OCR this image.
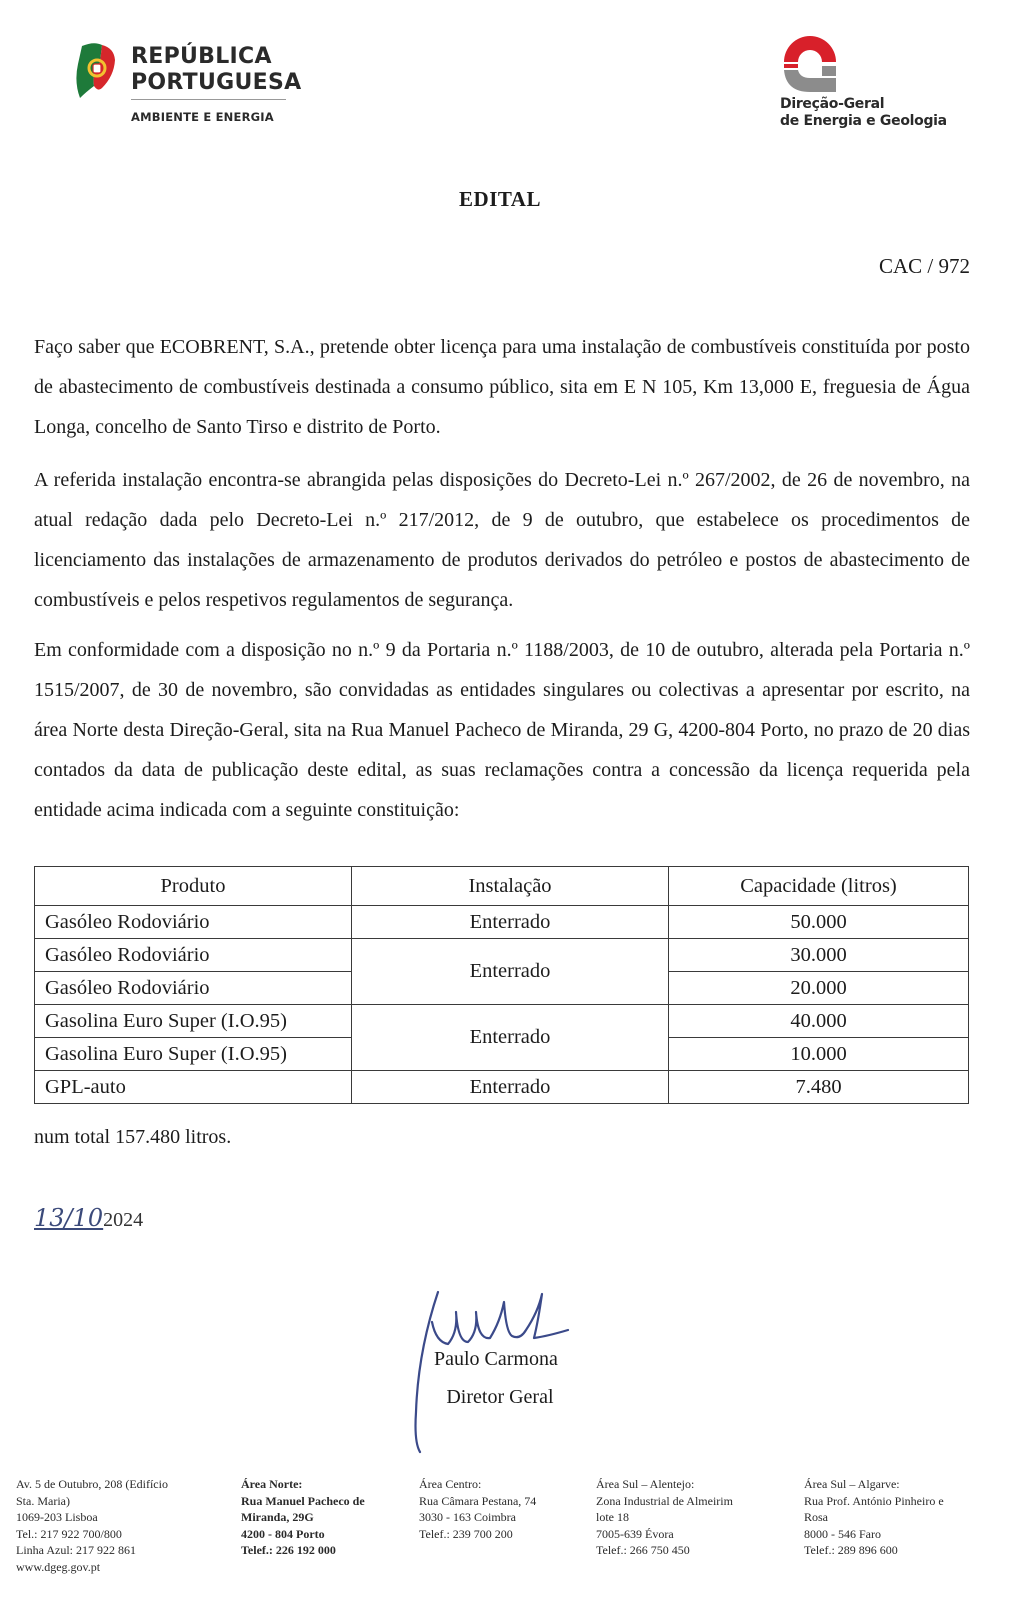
REPÚBLICA
PORTUGUESA
AMBIENTE E ENERGIA
Direção-Geral
de Energia e Geologia
EDITAL
CAC / 972
Faço saber que ECOBRENT, S.A., pretende obter licença para uma instalação de combustíveis constituída por posto de abastecimento de combustíveis destinada a consumo público, sita em E N 105, Km 13,000 E, freguesia de Água Longa, concelho de Santo Tirso e distrito de Porto.
A referida instalação encontra-se abrangida pelas disposições do Decreto-Lei n.º 267/2002, de 26 de novembro, na atual redação dada pelo Decreto-Lei n.º 217/2012, de 9 de outubro, que estabelece os procedimentos de licenciamento das instalações de armazenamento de produtos derivados do petróleo e postos de abastecimento de combustíveis e pelos respetivos regulamentos de segurança.
Em conformidade com a disposição no n.º 9 da Portaria n.º 1188/2003, de 10 de outubro, alterada pela Portaria n.º 1515/2007, de 30 de novembro, são convidadas as entidades singulares ou colectivas a apresentar por escrito, na área Norte desta Direção-Geral, sita na Rua Manuel Pacheco de Miranda, 29 G, 4200-804 Porto, no prazo de 20 dias contados da data de publicação deste edital, as suas reclamações contra a concessão da licença requerida pela entidade acima indicada com a seguinte constituição:
Produto	Instalação	Capacidade (litros)
Gasóleo Rodoviário	Enterrado	50.000
Gasóleo Rodoviário	Enterrado	30.000
Gasóleo Rodoviário		20.000
Gasolina Euro Super (I.O.95)	Enterrado	40.000
Gasolina Euro Super (I.O.95)		10.000
GPL-auto	Enterrado	7.480
num total 157.480 litros.
13/102024
Paulo Carmona
Diretor Geral
Av. 5 de Outubro, 208 (Edifício
Sta. Maria)
1069-203 Lisboa
Tel.: 217 922 700/800
Linha Azul: 217 922 861
www.dgeg.gov.pt
Área Norte:
Rua Manuel Pacheco de
Miranda, 29G
4200 - 804 Porto
Telef.: 226 192 000
Área Centro:
Rua Câmara Pestana, 74
3030 - 163 Coimbra
Telef.: 239 700 200
Área Sul – Alentejo:
Zona Industrial de Almeirim
lote 18
7005-639 Évora
Telef.: 266 750 450
Área Sul – Algarve:
Rua Prof. António Pinheiro e
Rosa
8000 - 546 Faro
Telef.: 289 896 600
